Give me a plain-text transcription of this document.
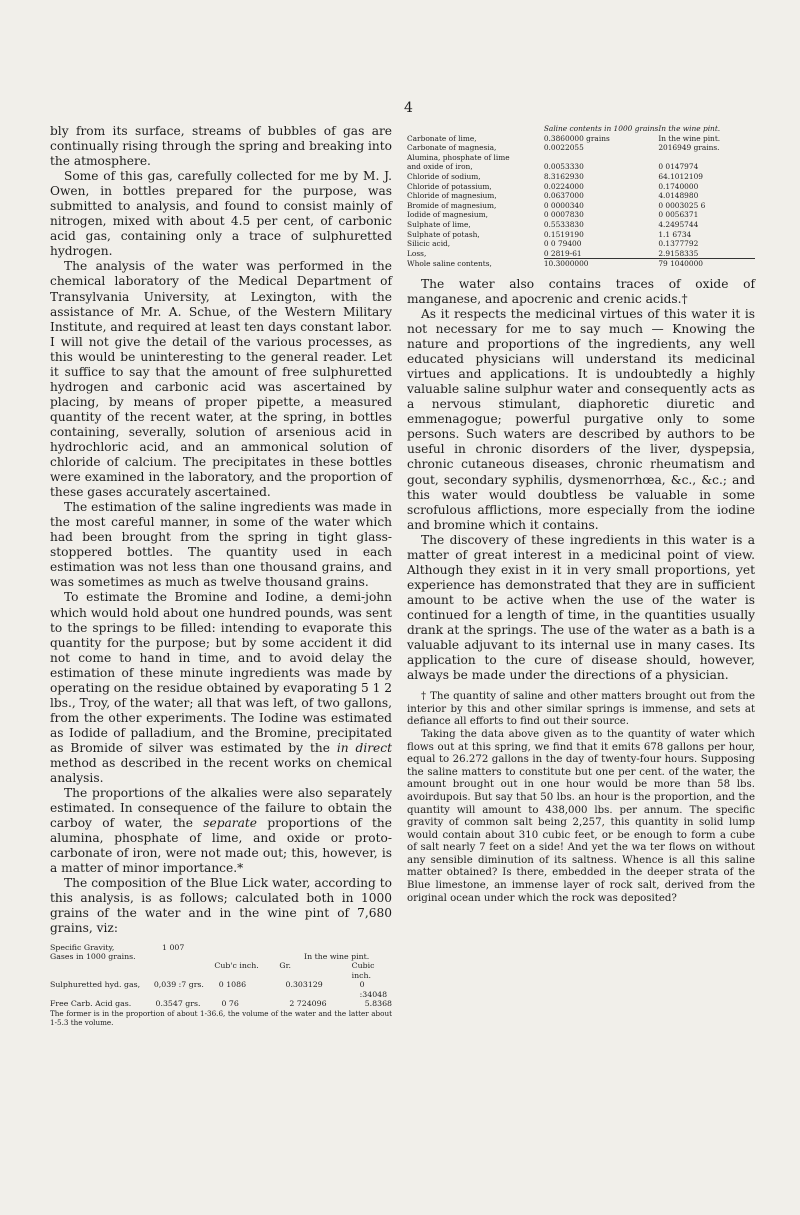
4

bly from its surface, streams of bubbles of gas are continually rising through the spring and breaking into the atmosphere.

Some of this gas, carefully collected for me by M. J. Owen, in bottles prepared for the purpose, was submitted to analysis, and found to consist mainly of nitrogen, mixed with about 4.5 per cent, of carbonic acid gas, containing only a trace of sulphuretted hydrogen.

The analysis of the water was performed in the chemical laboratory of the Medical Department of Transylvania University, at Lexington, with the assistance of Mr. A. Schue, of the Western Military Institute, and required at least ten days constant labor. I will not give the detail of the various processes, as this would be uninteresting to the general reader. Let it suffice to say that the amount of free sulphuretted hydrogen and carbonic acid was ascertained by placing, by means of proper pipette, a measured quantity of the recent water, at the spring, in bottles containing, severally, solution of arsenious acid in hydrochloric acid, and an ammonical solution of chloride of calcium. The precipitates in these bottles were examined in the laboratory, and the proportion of these gases accurately ascertained.

The estimation of the saline ingredients was made in the most careful manner, in some of the water which had been brought from the spring in tight glass-stoppered bottles. The quantity used in each estimation was not less than one thousand grains, and was sometimes as much as twelve thousand grains.

To estimate the Bromine and Iodine, a demi-john which would hold about one hundred pounds, was sent to the springs to be filled: intending to evaporate this quantity for the purpose; but by some accident it did not come to hand in time, and to avoid delay the estimation of these minute ingredients was made by operating on the residue obtained by evaporating 5 1 2 lbs., Troy, of the water; all that was left, of two gallons, from the other experiments. The Iodine was estimated as Iodide of palladium, and the Bromine, precipitated as Bromide of silver was estimated by the in direct method as described in the recent works on chemical analysis.

The proportions of the alkalies were also separately estimated. In consequence of the failure to obtain the carboy of water, the separate proportions of the alumina, phosphate of lime, and oxide or proto-carbonate of iron, were not made out; this, however, is a matter of minor importance.*

The composition of the Blue Lick water, according to this analysis, is as follows; calculated both in 1000 grains of the water and in the wine pint of 7,680 grains, viz:

Specific Gravity,	1 007
Gases in 1000 grains.	In the wine pint.
Cub'c inch.	Gr.	Cubic inch.
Sulphuretted hyd. gas,	0,039 :7 grs.	0 1086	0.303129	0 :34048
Free Carb. Acid gas.	0.3547 grs.	0 76	2 724096	5.8368
The former is in the proportion of about 1-36.6, the volume of the water and the latter about 1-5.3 the volume.
	Saline contents in 1000 grains	In the wine pint.
Carbonate of lime,	0.3860000 grains	In the wine pint.
Carbonate of magnesia,	0.0022055	2016949 grains.
Alumina, phosphate of lime		
and oxide of iron,	0.0053330	0 0147974
Chloride of sodium,	8.3162930	64.1012109
Chloride of potassium,	0.0224000	0.1740000
Chloride of magnesium,	0.0637000	4.0148980
Bromide of magnesium,	0 0000340	0 0003025 6
Iodide of magnesium,	0 0007830	0 0056371
Sulphate of lime,	0.5533830	4.2495744
Sulphate of potash,	0.1519190	1.1 6734
Silicic acid,	0 0 79400	0.1377792
Loss,	0 2819-61	2.9158335
Whole saline contents,	10.3000000	79 1040000

The water also contains traces of oxide of manganese, and apocrenic and crenic acids.†

As it respects the medicinal virtues of this water it is not necessary for me to say much — Knowing the nature and proportions of the ingredients, any well educated physicians will understand its medicinal virtues and applications. It is undoubtedly a highly valuable saline sulphur water and consequently acts as a nervous stimulant, diaphoretic diuretic and emmenagogue; powerful purgative only to some persons. Such waters are described by authors to be useful in chronic disorders of the liver, dyspepsia, chronic cutaneous diseases, chronic rheumatism and gout, secondary syphilis, dysmenorrhœa, &c., &c.; and this water would doubtless be valuable in some scrofulous afflictions, more especially from the iodine and bromine which it contains.

The discovery of these ingredients in this water is a matter of great interest in a medicinal point of view. Although they exist in it in very small proportions, yet experience has demonstrated that they are in sufficient amount to be active when the use of the water is continued for a length of time, in the quantities usually drank at the springs. The use of the water as a bath is a valuable adjuvant to its internal use in many cases. Its application to the cure of disease should, however, always be made under the directions of a physician.

† The quantity of saline and other matters brought out from the interior by this and other similar springs is immense, and sets at defiance all efforts to find out their source.

Taking the data above given as to the quantity of water which flows out at this spring, we find that it emits 678 gallons per hour, equal to 26.272 gallons in the day of twenty-four hours. Supposing the saline matters to constitute but one per cent. of the water, the amount brought out in one hour would be more than 58 lbs. avoirdupois. But say that 50 lbs. an hour is the proportion, and the quantity will amount to 438,000 lbs. per annum. The specific gravity of common salt being 2,257, this quantity in solid lump would contain about 310 cubic feet, or be enough to form a cube of salt nearly 7 feet on a side! And yet the wa ter flows on without any sensible diminution of its saltness. Whence is all this saline matter obtained? Is there, embedded in the deeper strata of the Blue limestone, an immense layer of rock salt, derived from the original ocean under which the rock was deposited?
